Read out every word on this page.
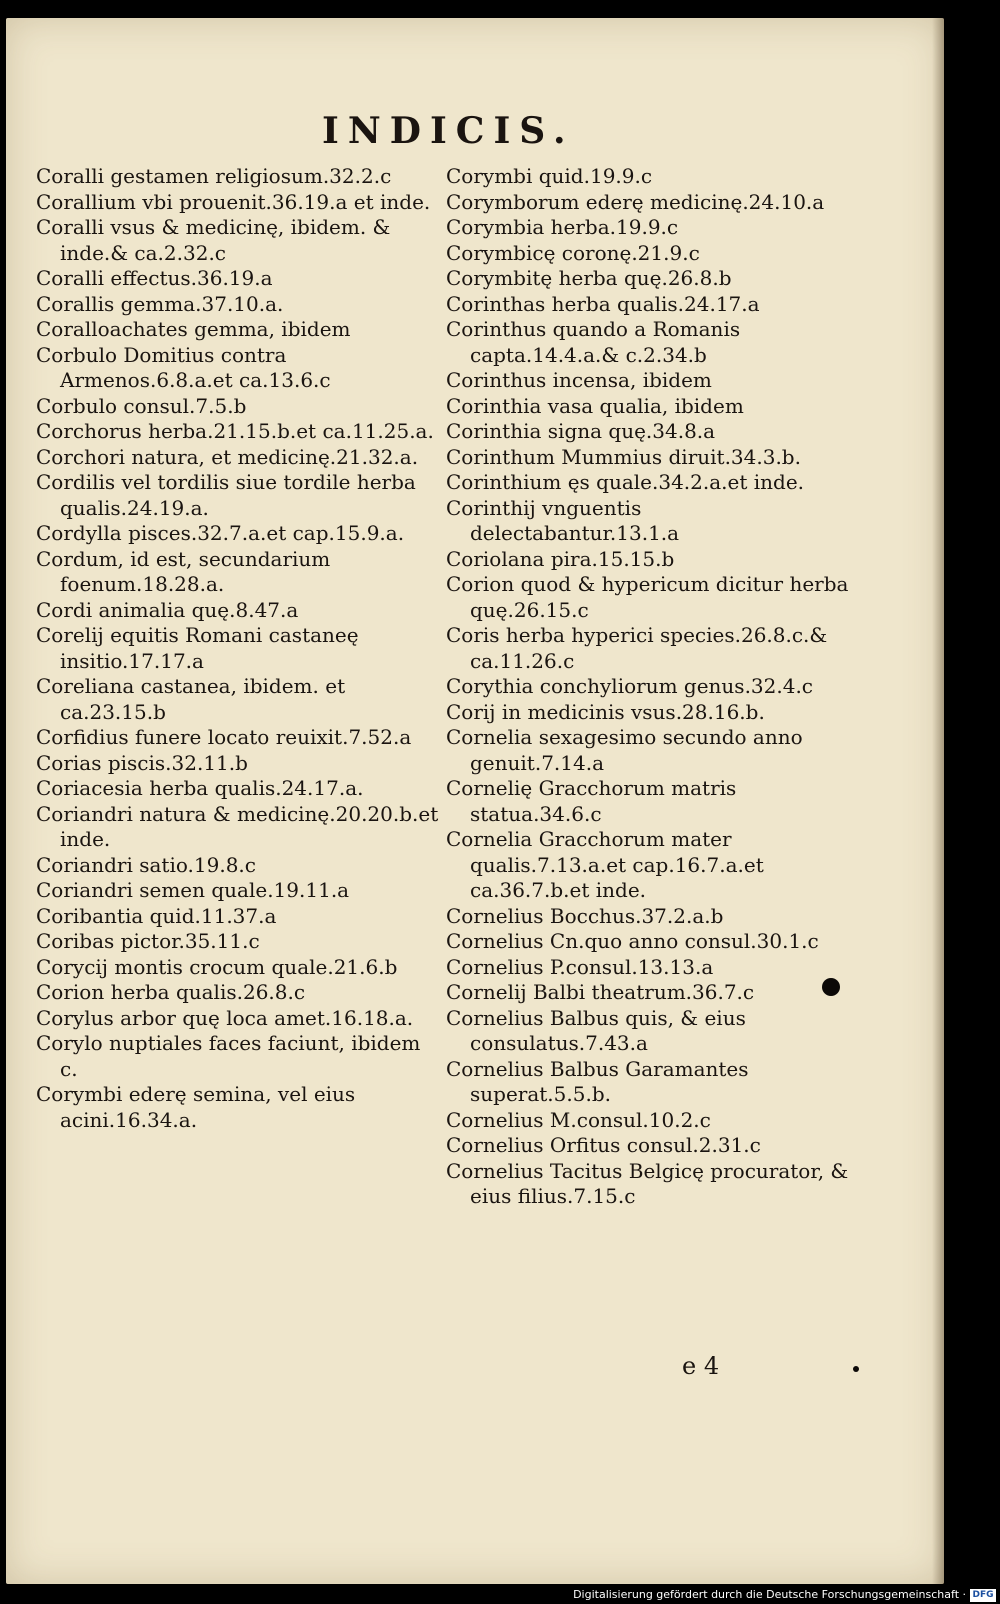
INDICIS.

Coralli gestamen religiosum.32.2.c

Corallium vbi prouenit.36.19.a et inde.

Coralli vsus & medicinę, ibidem. & inde.& ca.2.32.c

Coralli effectus.36.19.a

Corallis gemma.37.10.a.

Coralloachates gemma, ibidem

Corbulo Domitius contra Armenos.6.8.a.et ca.13.6.c

Corbulo consul.7.5.b

Corchorus herba.21.15.b.et ca.11.25.a.

Corchori natura, et medicinę.21.32.a.

Cordilis vel tordilis siue tordile herba qualis.24.19.a.

Cordylla pisces.32.7.a.et cap.15.9.a.

Cordum, id est, secundarium foenum.18.28.a.

Cordi animalia quę.8.47.a

Corelij equitis Romani castaneę insitio.17.17.a

Coreliana castanea, ibidem. et ca.23.15.b

Corfidius funere locato reuixit.7.52.a

Corias piscis.32.11.b

Coriacesia herba qualis.24.17.a.

Coriandri natura & medicinę.20.20.b.et inde.

Coriandri satio.19.8.c

Coriandri semen quale.19.11.a

Coribantia quid.11.37.a

Coribas pictor.35.11.c

Corycij montis crocum quale.21.6.b

Corion herba qualis.26.8.c

Corylus arbor quę loca amet.16.18.a.

Corylo nuptiales faces faciunt, ibidem c.

Corymbi ederę semina, vel eius acini.16.34.a.

Corymbi quid.19.9.c

Corymborum ederę medicinę.24.10.a

Corymbia herba.19.9.c

Corymbicę coronę.21.9.c

Corymbitę herba quę.26.8.b

Corinthas herba qualis.24.17.a

Corinthus quando a Romanis capta.14.4.a.& c.2.34.b

Corinthus incensa, ibidem

Corinthia vasa qualia, ibidem

Corinthia signa quę.34.8.a

Corinthum Mummius diruit.34.3.b.

Corinthium ęs quale.34.2.a.et inde.

Corinthij vnguentis delectabantur.13.1.a

Coriolana pira.15.15.b

Corion quod & hypericum dicitur herba quę.26.15.c

Coris herba hyperici species.26.8.c.& ca.11.26.c

Corythia conchyliorum genus.32.4.c

Corij in medicinis vsus.28.16.b.

Cornelia sexagesimo secundo anno genuit.7.14.a

Cornelię Gracchorum matris statua.34.6.c

Cornelia Gracchorum mater qualis.7.13.a.et cap.16.7.a.et ca.36.7.b.et inde.

Cornelius Bocchus.37.2.a.b

Cornelius Cn.quo anno consul.30.1.c

Cornelius P.consul.13.13.a

Cornelij Balbi theatrum.36.7.c

Cornelius Balbus quis, & eius consulatus.7.43.a

Cornelius Balbus Garamantes superat.5.5.b.

Cornelius M.consul.10.2.c

Cornelius Orfitus consul.2.31.c

Cornelius Tacitus Belgicę procurator, & eius filius.7.15.c

e 4
Digitalisierung gefördert durch die Deutsche Forschungsgemeinschaft · DFG
